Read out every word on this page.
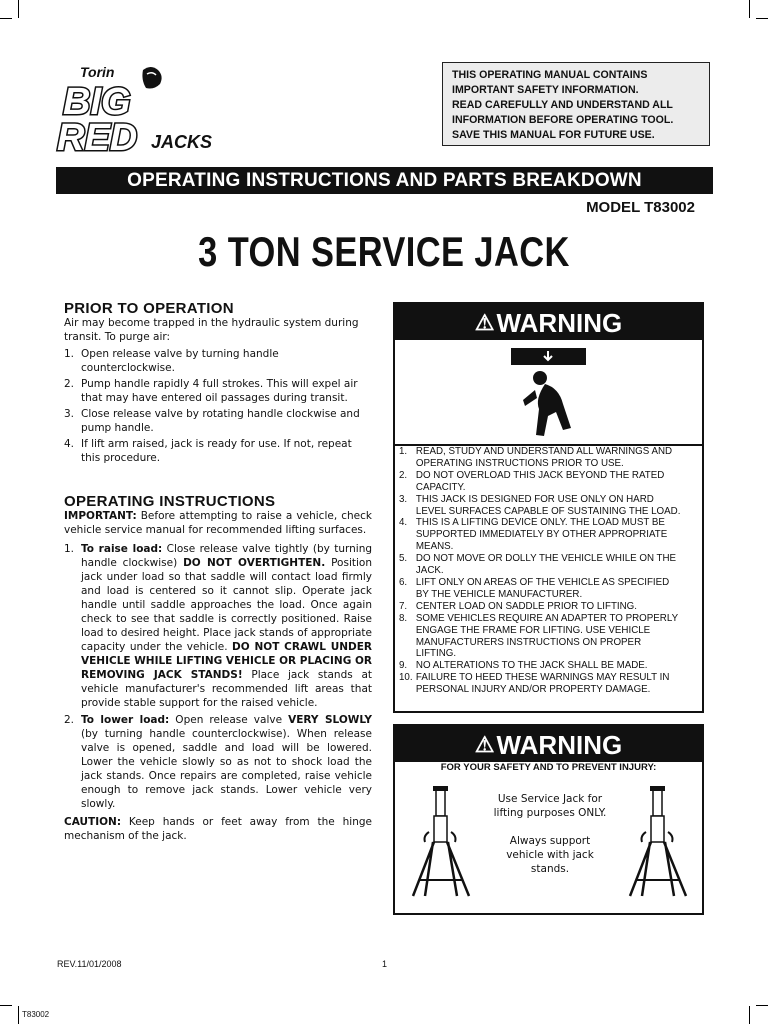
Torin
BIG
RED JACKS
THIS OPERATING MANUAL CONTAINS
IMPORTANT SAFETY INFORMATION.
READ CAREFULLY AND UNDERSTAND ALL
INFORMATION BEFORE OPERATING TOOL.
SAVE THIS MANUAL FOR FUTURE USE.
OPERATING INSTRUCTIONS AND PARTS BREAKDOWN
MODEL T83002
3 TON SERVICE JACK
PRIOR TO OPERATION

Air may become trapped in the hydraulic system during transit. To purge air:

1. Open release valve by turning handle counterclockwise.
2. Pump handle rapidly 4 full strokes. This will expel air that may have entered oil passages during transit.
3. Close release valve by rotating handle clockwise and pump handle.
4. If lift arm raised, jack is ready for use. If not, repeat this procedure.
OPERATING INSTRUCTIONS

IMPORTANT: Before attempting to raise a vehicle, check vehicle service manual for recommended lifting surfaces.

1. To raise load: Close release valve tightly (by turning handle clockwise) DO NOT OVERTIGHTEN. Position jack under load so that saddle will contact load firmly and load is centered so it cannot slip. Operate jack handle until saddle approaches the load. Once again check to see that saddle is correctly positioned. Raise load to desired height. Place jack stands of appropriate capacity under the vehicle. DO NOT CRAWL UNDER VEHICLE WHILE LIFTING VEHICLE OR PLACING OR REMOVING JACK STANDS! Place jack stands at vehicle manufacturer's recommended lift areas that provide stable support for the raised vehicle.
2. To lower load: Open release valve VERY SLOWLY (by turning handle counterclockwise). When release valve is opened, saddle and load will be lowered. Lower the vehicle slowly so as not to shock load the jack stands. Once repairs are completed, raise vehicle enough to remove jack stands. Lower vehicle very slowly.

CAUTION: Keep hands or feet away from the hinge mechanism of the jack.

⚠WARNING
1. READ, STUDY AND UNDERSTAND ALL WARNINGS AND OPERATING INSTRUCTIONS PRIOR TO USE.
2. DO NOT OVERLOAD THIS JACK BEYOND THE RATED CAPACITY.
3. THIS JACK IS DESIGNED FOR USE ONLY ON HARD LEVEL SURFACES CAPABLE OF SUSTAINING THE LOAD.
4. THIS IS A LIFTING DEVICE ONLY. THE LOAD MUST BE SUPPORTED IMMEDIATELY BY OTHER APPROPRIATE MEANS.
5. DO NOT MOVE OR DOLLY THE VEHICLE WHILE ON THE JACK.
6. LIFT ONLY ON AREAS OF THE VEHICLE AS SPECIFIED BY THE VEHICLE MANUFACTURER.
7. CENTER LOAD ON SADDLE PRIOR TO LIFTING.
8. SOME VEHICLES REQUIRE AN ADAPTER TO PROPERLY ENGAGE THE FRAME FOR LIFTING. USE VEHICLE MANUFACTURERS INSTRUCTIONS ON PROPER LIFTING.
9. NO ALTERATIONS TO THE JACK SHALL BE MADE.
10. FAILURE TO HEED THESE WARNINGS MAY RESULT IN PERSONAL INJURY AND/OR PROPERTY DAMAGE.
⚠WARNING
FOR YOUR SAFETY AND TO PREVENT INJURY:
Use Service Jack for lifting purposes ONLY.
Always support vehicle with jack stands.
REV.11/01/2008	1
T83002
